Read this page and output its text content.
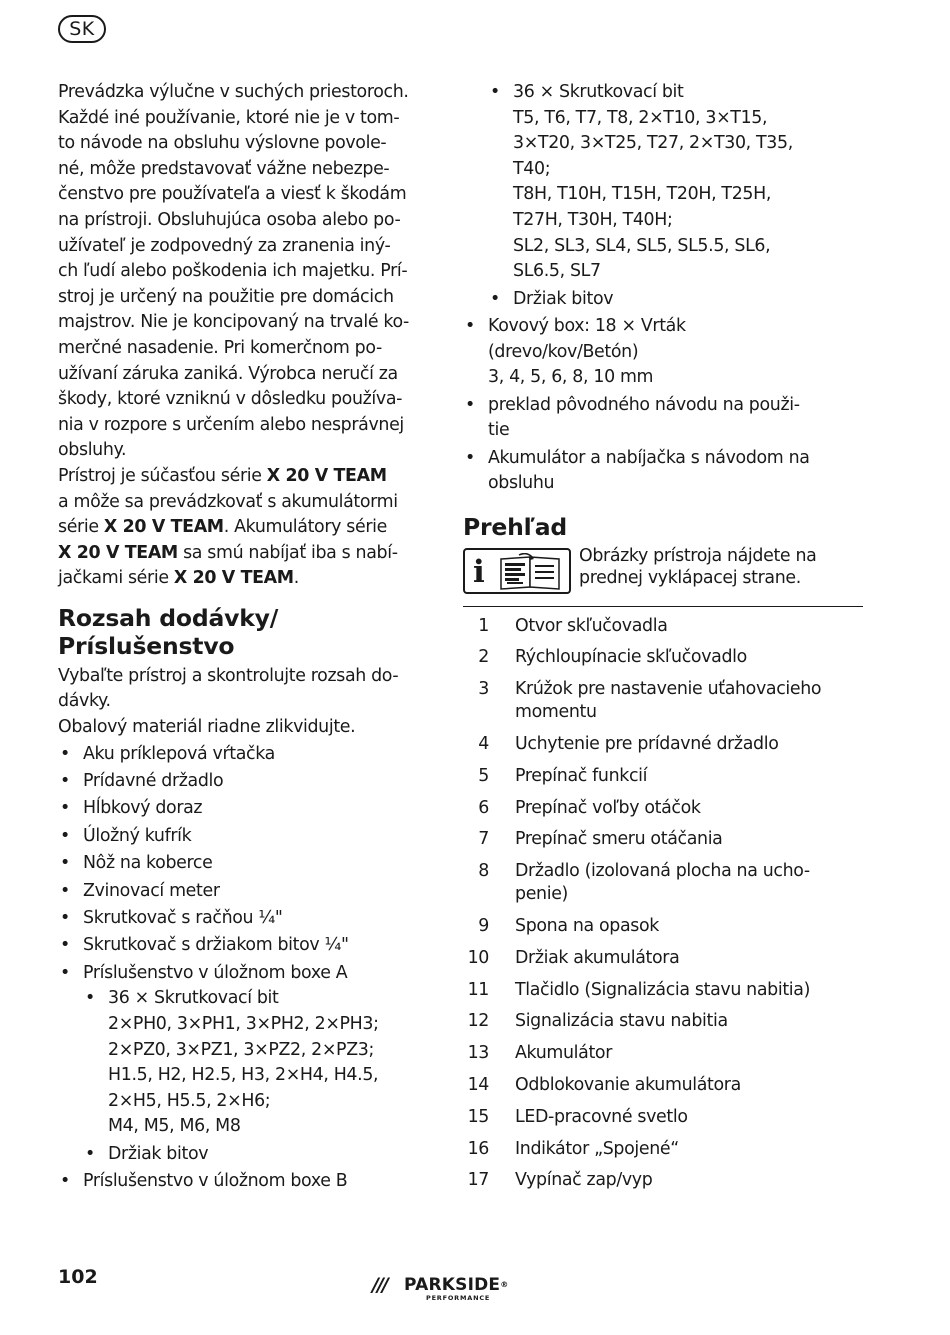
SK

Prevádzka výlučne v suchých priestoroch.

Každé iné používanie, ktoré nie je v tom-
to návode na obsluhu výslovne povole-
né, môže predstavovať vážne nebezpe-
čenstvo pre používateľa a viesť k škodám
na prístroji. Obsluhujúca osoba alebo po-
užívateľ je zodpovedný za zranenia iný-
ch ľudí alebo poškodenia ich majetku. Prí-
stroj je určený na použitie pre domácich
majstrov. Nie je koncipovaný na trvalé ko-
merčné nasadenie. Pri komerčnom po-
užívaní záruka zaniká. Výrobca neručí za
škody, ktoré vzniknú v dôsledku používa-
nia v rozpore s určením alebo nesprávnej
obsluhy.

Prístroj je súčasťou série X 20 V TEAM
a môže sa prevádzkovať s akumulátormi
série X 20 V TEAM. Akumulátory série
X 20 V TEAM sa smú nabíjať iba s nabí-
jačkami série X 20 V TEAM.

Rozsah dodávky/
Príslušenstvo

Vybaľte prístroj a skontrolujte rozsah do-
dávky.

Obalový materiál riadne zlikvidujte.

• Aku príklepová vŕtačka
• Prídavné držadlo
• Hĺbkový doraz
• Úložný kufrík
• Nôž na koberce
• Zvinovací meter
• Skrutkovač s račňou ¼"
• Skrutkovač s držiakom bitov ¼"
• Príslušenstvo v úložnom boxe A
• 36 × Skrutkovací bit
2×PH0, 3×PH1, 3×PH2, 2×PH3;
2×PZ0, 3×PZ1, 3×PZ2, 2×PZ3;
H1.5, H2, H2.5, H3, 2×H4, H4.5,
2×H5, H5.5, 2×H6;
M4, M5, M6, M8
• Držiak bitov
• Príslušenstvo v úložnom boxe B
• 36 × Skrutkovací bit
T5, T6, T7, T8, 2×T10, 3×T15,
3×T20, 3×T25, T27, 2×T30, T35,
T40;
T8H, T10H, T15H, T20H, T25H,
T27H, T30H, T40H;
SL2, SL3, SL4, SL5, SL5.5, SL6,
SL6.5, SL7
• Držiak bitov
• Kovový box: 18 × Vrták
(drevo/kov/Betón)
3, 4, 5, 6, 8, 10 mm
• preklad pôvodného návodu na použi-
tie
• Akumulátor a nabíjačka s návodom na
obsluhu
Prehľad
i	Obrázky prístroja nájdete na
prednej vyklápacej strane.
1	Otvor skľučovadla
2	Rýchloupínacie skľučovadlo
3	Krúžok pre nastavenie uťahovacieho
momentu

4	Uchytenie pre prídavné držadlo
5	Prepínač funkcií
6	Prepínač voľby otáčok
7	Prepínač smeru otáčania
8	Držadlo (izolovaná plocha na ucho-
penie)

9	Spona na opasok
10	Držiak akumulátora
11	Tlačidlo (Signalizácia stavu nabitia)
12	Signalizácia stavu nabitia
13	Akumulátor
14	Odblokovanie akumulátora
15	LED-pracovné svetlo
16	Indikátor „Spojené“
17	Vypínač zap/vyp
102	/// PARKSIDE®
PERFORMANCE
